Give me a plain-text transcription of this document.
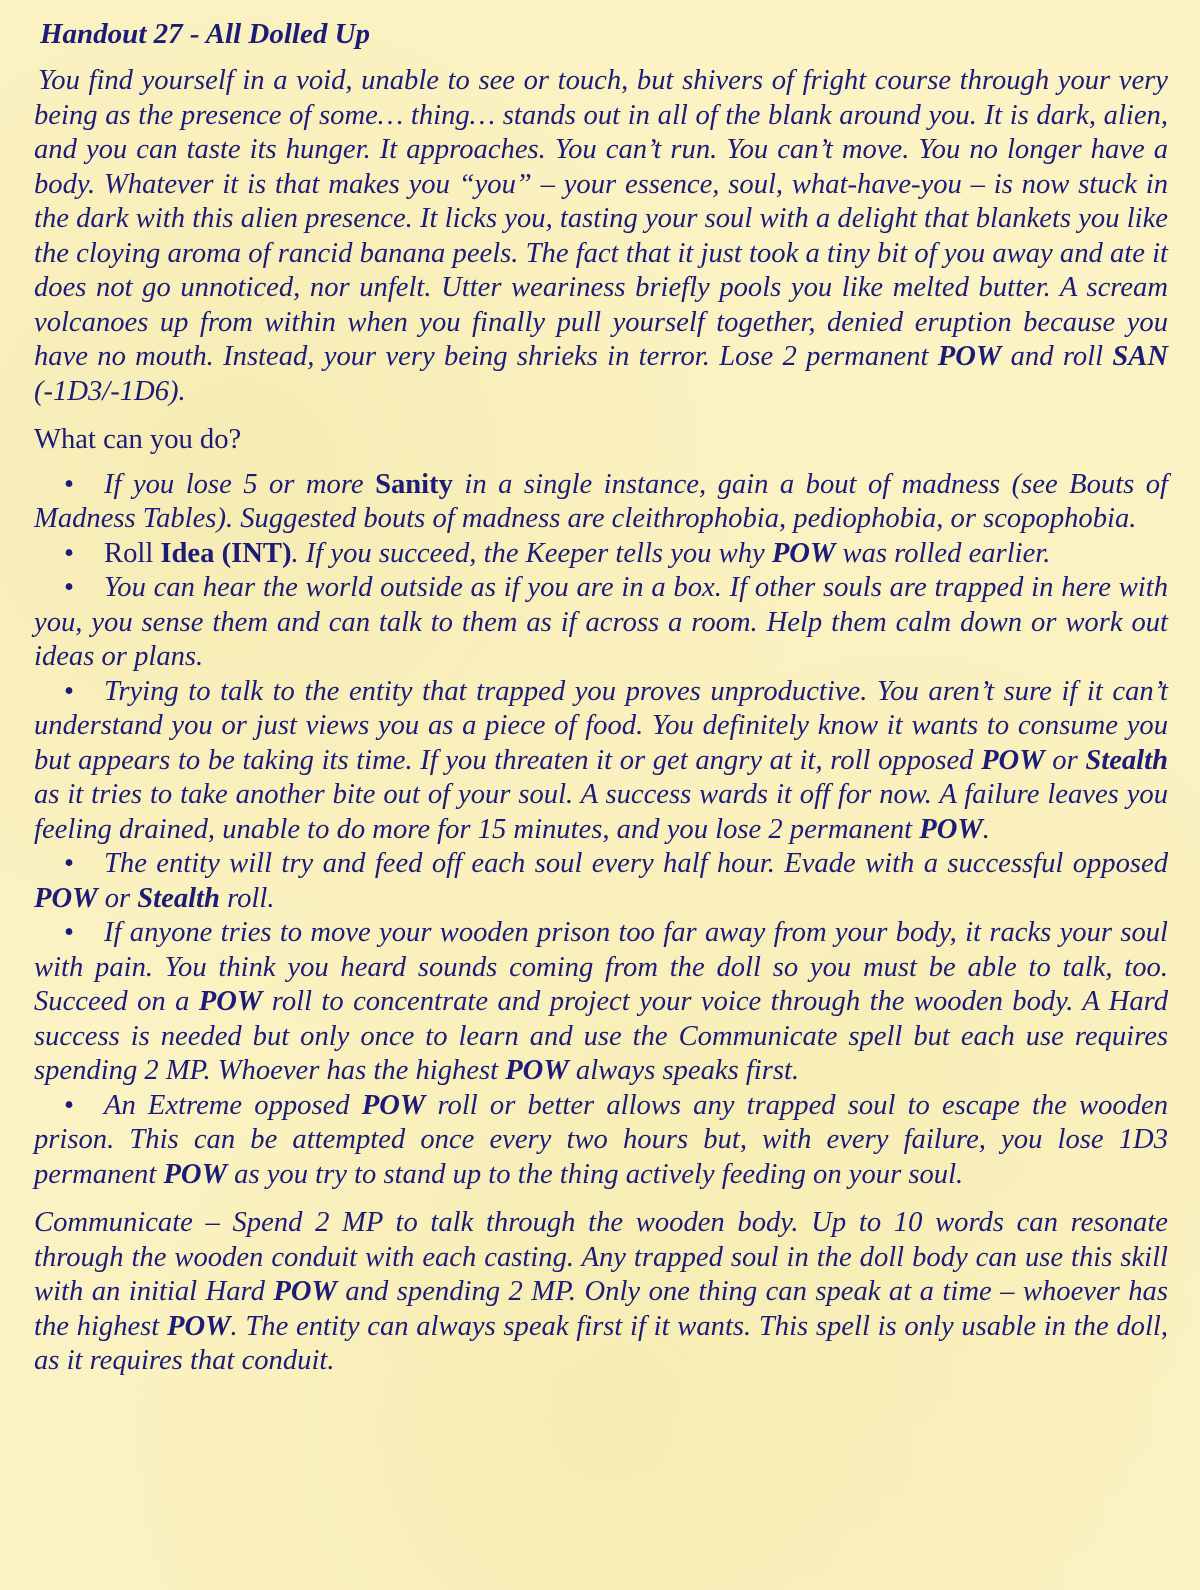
Handout 27 - All Dolled Up

You find yourself in a void, unable to see or touch, but shivers of fright course through your very being as the presence of some… thing… stands out in all of the blank around you. It is dark, alien, and you can taste its hunger. It approaches. You can’t run. You can’t move. You no longer have a body. Whatever it is that makes you “you” – your essence, soul, what-have-you – is now stuck in the dark with this alien presence. It licks you, tasting your soul with a delight that blankets you like the cloying aroma of rancid banana peels. The fact that it just took a tiny bit of you away and ate it does not go unnoticed, nor unfelt. Utter weariness briefly pools you like melted butter. A scream volcanoes up from within when you finally pull yourself together, denied eruption because you have no mouth. Instead, your very being shrieks in terror. Lose 2 permanent POW and roll SAN (-1D3/-1D6).

What can you do?

• If you lose 5 or more Sanity in a single instance, gain a bout of madness (see Bouts of Madness Tables). Suggested bouts of madness are cleithrophobia, pediophobia, or scopophobia.
• Roll Idea (INT). If you succeed, the Keeper tells you why POW was rolled earlier.
• You can hear the world outside as if you are in a box. If other souls are trapped in here with you, you sense them and can talk to them as if across a room. Help them calm down or work out ideas or plans.
• Trying to talk to the entity that trapped you proves unproductive. You aren’t sure if it can’t understand you or just views you as a piece of food. You definitely know it wants to consume you but appears to be taking its time. If you threaten it or get angry at it, roll opposed POW or Stealth as it tries to take another bite out of your soul. A success wards it off for now. A failure leaves you feeling drained, unable to do more for 15 minutes, and you lose 2 permanent POW.
• The entity will try and feed off each soul every half hour. Evade with a successful opposed POW or Stealth roll.
• If anyone tries to move your wooden prison too far away from your body, it racks your soul with pain. You think you heard sounds coming from the doll so you must be able to talk, too. Succeed on a POW roll to concentrate and project your voice through the wooden body. A Hard success is needed but only once to learn and use the Communicate spell but each use requires spending 2 MP. Whoever has the highest POW always speaks first.
• An Extreme opposed POW roll or better allows any trapped soul to escape the wooden prison. This can be attempted once every two hours but, with every failure, you lose 1D3 permanent POW as you try to stand up to the thing actively feeding on your soul.

Communicate – Spend 2 MP to talk through the wooden body. Up to 10 words can resonate through the wooden conduit with each casting. Any trapped soul in the doll body can use this skill with an initial Hard POW and spending 2 MP. Only one thing can speak at a time – whoever has the highest POW. The entity can always speak first if it wants. This spell is only usable in the doll, as it requires that conduit.
